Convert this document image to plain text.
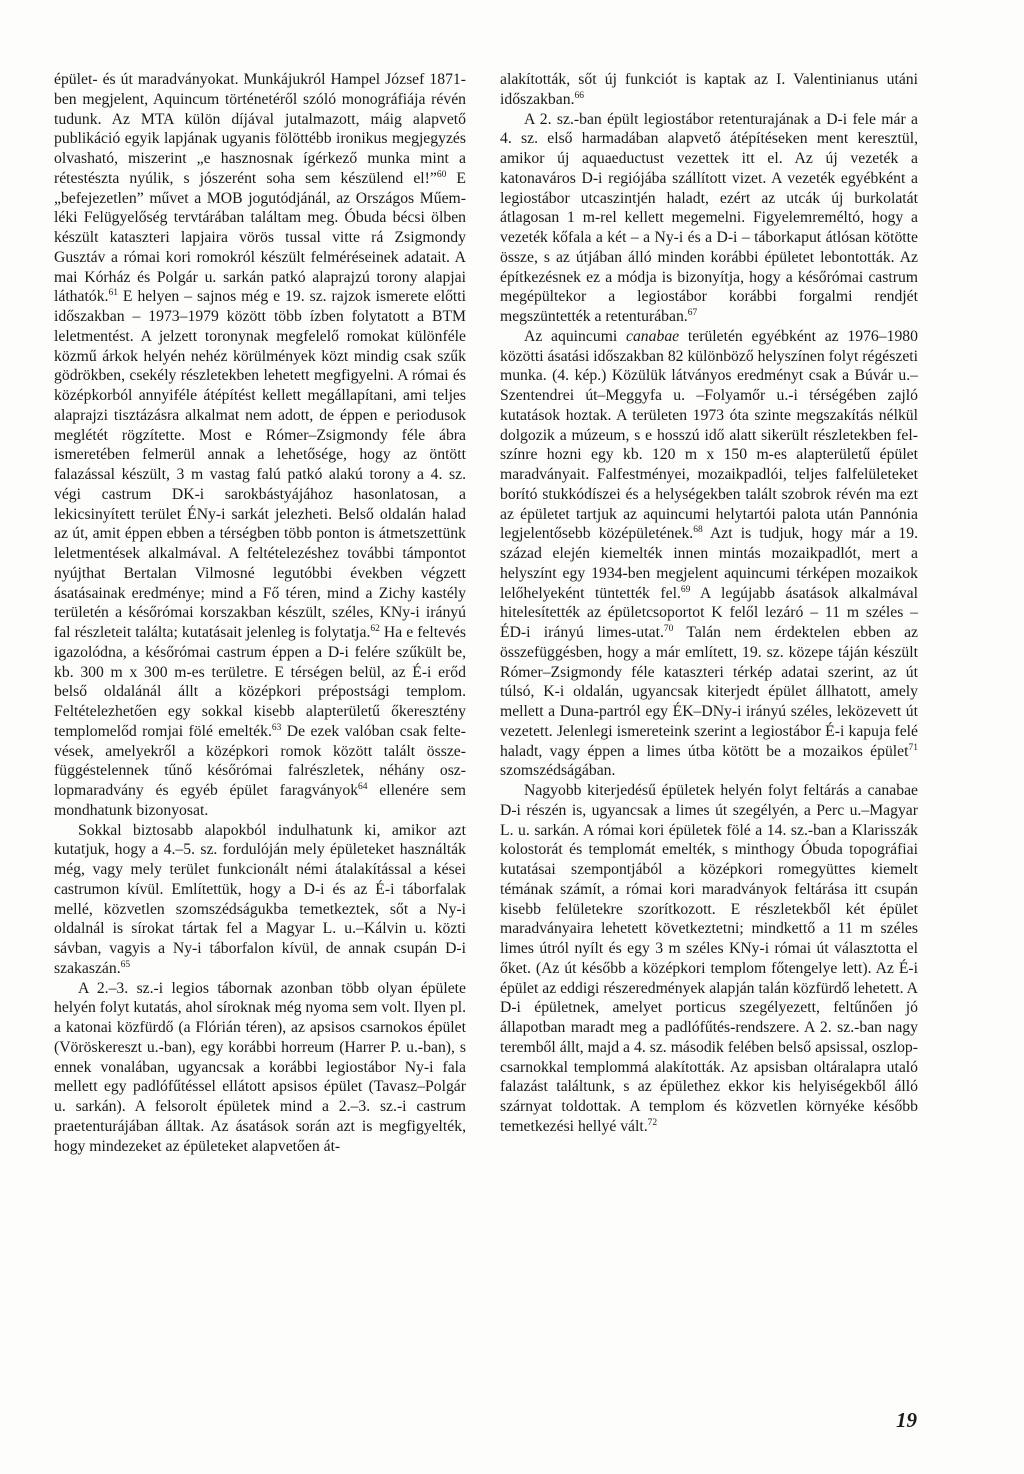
épület- és út maradványokat. Munkájukról Hampel József 1871-ben megjelent, Aquincum történetéről szóló monográfiája révén tudunk. Az MTA külön díjával jutalmazott, máig alapvető publikáció egyik lapjának ugyanis fölöttébb ironikus megjegyzés olvasható, miszerint „e hasznosnak ígérkező munka mint a rétestészta nyúlik, s jószerént soha sem készülend el!”$^{60}$ E „befejezetlen” művet a MOB jogutódjánál, az Országos Műemléki Felügyelőség tervtárában találtam meg. Óbuda bécsi ölben készült kataszteri lapjaira vörös tussal vitte rá Zsigmondy Gusztáv a római kori romokról készült felméréseinek adatait. A mai Kórház és Polgár u. sarkán patkó alaprajzú torony alapjai láthatók.$^{61}$ E helyen – sajnos még e 19. sz. rajzok ismerete előtti időszakban – 1973–1979 között több ízben folytatott a BTM leletmentést. A jelzett toronynak megfelelő romokat különféle közmű árkok helyén nehéz körülmények közt mindig csak szűk gödrökben, csekély részletekben lehetett megfigyelni. A római és középkorból annyiféle átépítést kellett megállapítani, ami teljes alaprajzi tisztázásra alkalmat nem adott, de éppen e periodusok meglétét rögzítette. Most e Rómer–Zsigmondy féle ábra ismeretében felmerül annak a lehetősége, hogy az öntött falazással készült, 3 m vastag falú patkó alakú torony a 4. sz. végi castrum DK-i sarokbástyájához hasonlatosan, a lekicsinyített terület ÉNy-i sarkát jelezheti. Belső oldalán halad az út, amit éppen ebben a térségben több ponton is átmetszettünk leletmentések alkalmával. A feltételezéshez további támpontot nyújthat Bertalan Vilmosné legutóbbi években végzett ásatásainak eredménye; mind a Fő téren, mind a Zichy kastély területén a későrómai korszakban készült, széles, KNy-i irányú fal részleteit találta; kutatásait jelenleg is folytatja.$^{62}$ Ha e feltevés igazolódna, a későrómai castrum éppen a D-i felére szűkült be, kb. 300 m x 300 m-es területre. E térségen belül, az É-i erőd belső oldalánál állt a középkori prépostsági templom. Feltételezhetően egy sokkal kisebb alapterületű őkeresztény templomelőd romjai fölé emelték.$^{63}$ De ezek valóban csak feltevések, amelyekről a középkori romok között talált összefüggéstelennek tűnő későrómai falrészletek, néhány oszlopmaradvány és egyéb épület faragványok$^{64}$ ellenére sem mondhatunk bizonyosat.

Sokkal biztosabb alapokból indulhatunk ki, amikor azt kutatjuk, hogy a 4.–5. sz. fordulóján mely épületeket használták még, vagy mely terület funkcionált némi átalakítással a kései castrumon kívül. Említettük, hogy a D-i és az É-i táborfalak mellé, közvetlen szomszédságukba temetkeztek, sőt a Ny-i oldalnál is sírokat tártak fel a Magyar L. u.–Kálvin u. közti sávban, vagyis a Ny-i táborfalon kívül, de annak csupán D-i szakaszán.$^{65}$

A 2.–3. sz.-i legios tábornak azonban több olyan épülete helyén folyt kutatás, ahol síroknak még nyoma sem volt. Ilyen pl. a katonai közfürdő (a Flórián téren), az apsisos csarnokos épület (Vöröskereszt u.-ban), egy korábbi horreum (Harrer P. u.-ban), s ennek vonalában, ugyancsak a korábbi legiostábor Ny-i fala mellett egy padlófűtéssel ellátott apsisos épület (Tavasz–Polgár u. sarkán). A felsorolt épületek mind a 2.–3. sz.-i castrum praetenturájában álltak. Az ásatások során azt is megfigyelték, hogy mindezeket az épületeket alapvetően át-

alakították, sőt új funkciót is kaptak az I. Valentinianus utáni időszakban.$^{66}$

A 2. sz.-ban épült legiostábor retenturajának a D-i fele már a 4. sz. első harmadában alapvető átépítéseken ment keresztül, amikor új aquaeductust vezettek itt el. Az új vezeték a katonaváros D-i regiójába szállított vizet. A vezeték egyébként a legiostábor utcaszintjén haladt, ezért az utcák új burkolatát átlagosan 1 m-rel kellett megemelni. Figyelemreméltó, hogy a vezeték kőfala a két – a Ny-i és a D-i – táborkaput átlósan kötötte össze, s az útjában álló minden korábbi épületet lebontották. Az építkezésnek ez a módja is bizonyítja, hogy a későrómai castrum megépültekor a legiostábor korábbi forgalmi rendjét megszüntették a retenturában.$^{67}$

Az aquincumi canabae területén egyébként az 1976–1980 közötti ásatási időszakban 82 különböző helyszínen folyt régészeti munka. (4. kép.) Közülük látványos eredményt csak a Búvár u.–Szentendrei út–Meggyfa u. –Folyamőr u.-i térségében zajló kutatások hoztak. A területen 1973 óta szinte megszakítás nélkül dolgozik a múzeum, s e hosszú idő alatt sikerült részletekben felszínre hozni egy kb. 120 m x 150 m-es alapterületű épület maradványait. Falfestményei, mozaikpadlói, teljes falfelületeket borító stukkódíszei és a helységekben talált szobrok révén ma ezt az épületet tartjuk az aquincumi helytartói palota után Pannónia legjelentősebb középületének.$^{68}$ Azt is tudjuk, hogy már a 19. század elején kiemelték innen mintás mozaikpadlót, mert a helyszínt egy 1934-ben megjelent aquincumi térképen mozaikok lelőhelyeként tüntették fel.$^{69}$ A legújabb ásatások alkalmával hitelesítették az épületcsoportot K felől lezáró – 11 m széles – ÉD-i irányú limes-utat.$^{70}$ Talán nem érdektelen ebben az összefüggésben, hogy a már említett, 19. sz. közepe táján készült Rómer–Zsigmondy féle kataszteri térkép adatai szerint, az út túlsó, K-i oldalán, ugyancsak kiterjedt épület állhatott, amely mellett a Duna-partról egy ÉK–DNy-i irányú széles, leközevett út vezetett. Jelenlegi ismereteink szerint a legiostábor É-i kapuja felé haladt, vagy éppen a limes útba kötött be a mozaikos épület$^{71}$ szomszédságában.

Nagyobb kiterjedésű épületek helyén folyt feltárás a canabae D-i részén is, ugyancsak a limes út szegélyén, a Perc u.–Magyar L. u. sarkán. A római kori épületek fölé a 14. sz.-ban a Klarisszák kolostorát és templomát emelték, s minthogy Óbuda topográfiai kutatásai szempontjából a középkori romegyüttes kiemelt témának számít, a római kori maradványok feltárása itt csupán kisebb felületekre szorítkozott. E részletekből két épület maradványaira lehetett következtetni; mindkettő a 11 m széles limes útról nyílt és egy 3 m széles KNy-i római út választotta el őket. (Az út később a középkori templom főtengelye lett). Az É-i épület az eddigi részeredmények alapján talán közfürdő lehetett. A D-i épületnek, amelyet porticus szegélyezett, feltűnően jó állapotban maradt meg a padlófűtés-rendszere. A 2. sz.-ban nagy teremből állt, majd a 4. sz. második felében belső apsissal, oszlopcsarnokkal templommá alakították. Az apsisban oltáralapra utaló falazást találtunk, s az épülethez ekkor kis helyiségekből álló szárnyat toldottak. A templom és közvetlen környéke később temetkezési hellyé vált.$^{72}$

19
